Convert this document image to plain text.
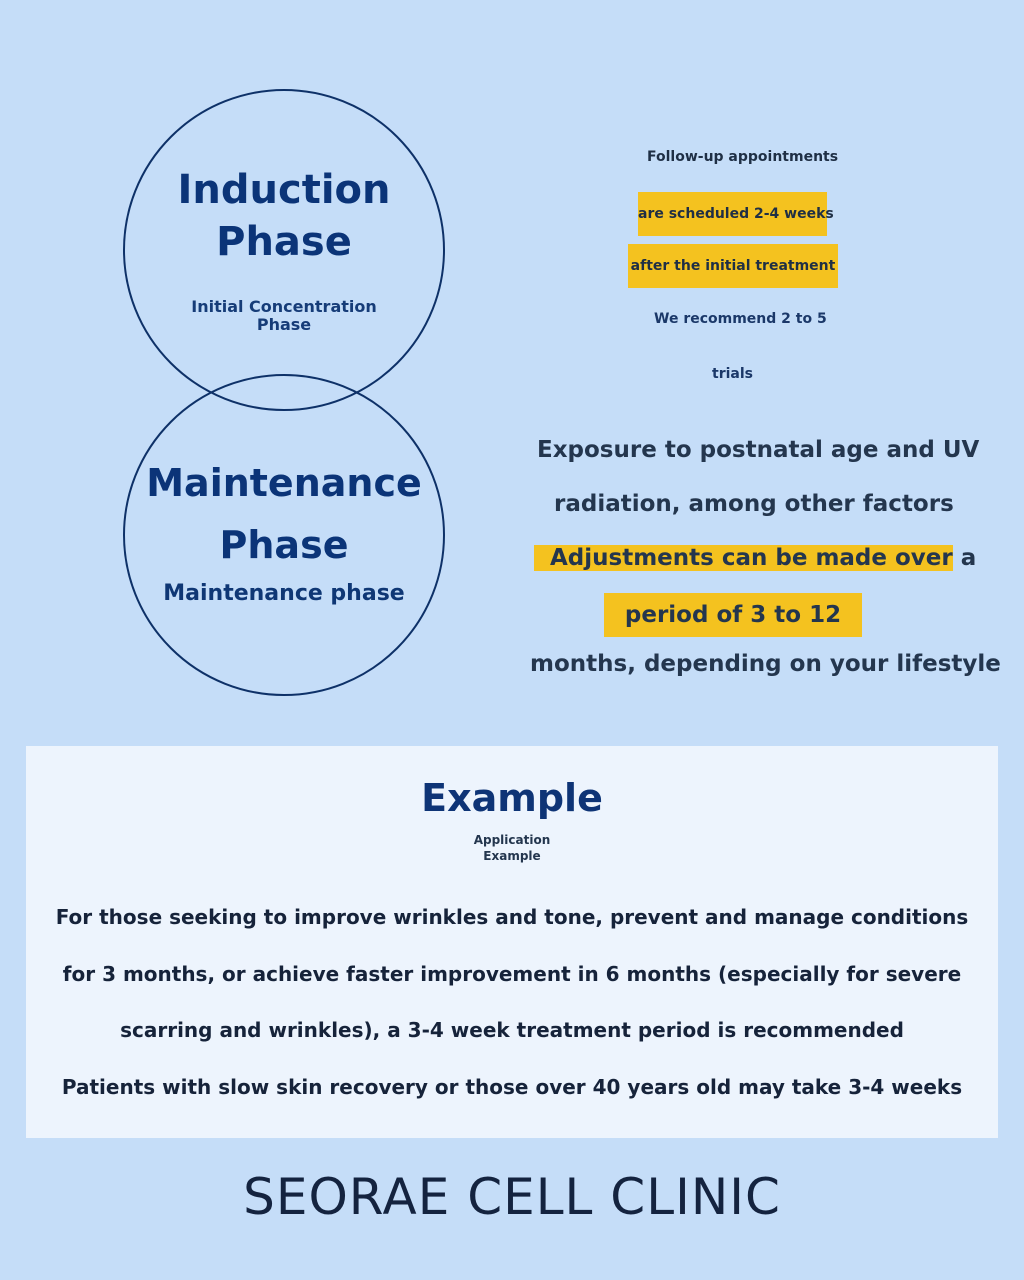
Induction
Phase
Initial Concentration
Phase
Maintenance
Phase
Maintenance phase
Follow-up appointments
are scheduled 2-4 weeks
after the initial treatment
We recommend 2 to 5
trials
Exposure to postnatal age and UV
radiation, among other factors
Adjustments can be made over a
period of 3 to 12
months, depending on your lifestyle
Example
Application
Example
For those seeking to improve wrinkles and tone, prevent and manage conditions
for 3 months, or achieve faster improvement in 6 months (especially for severe
scarring and wrinkles), a 3-4 week treatment period is recommended
Patients with slow skin recovery or those over 40 years old may take 3-4 weeks
SEORAE CELL CLINIC
